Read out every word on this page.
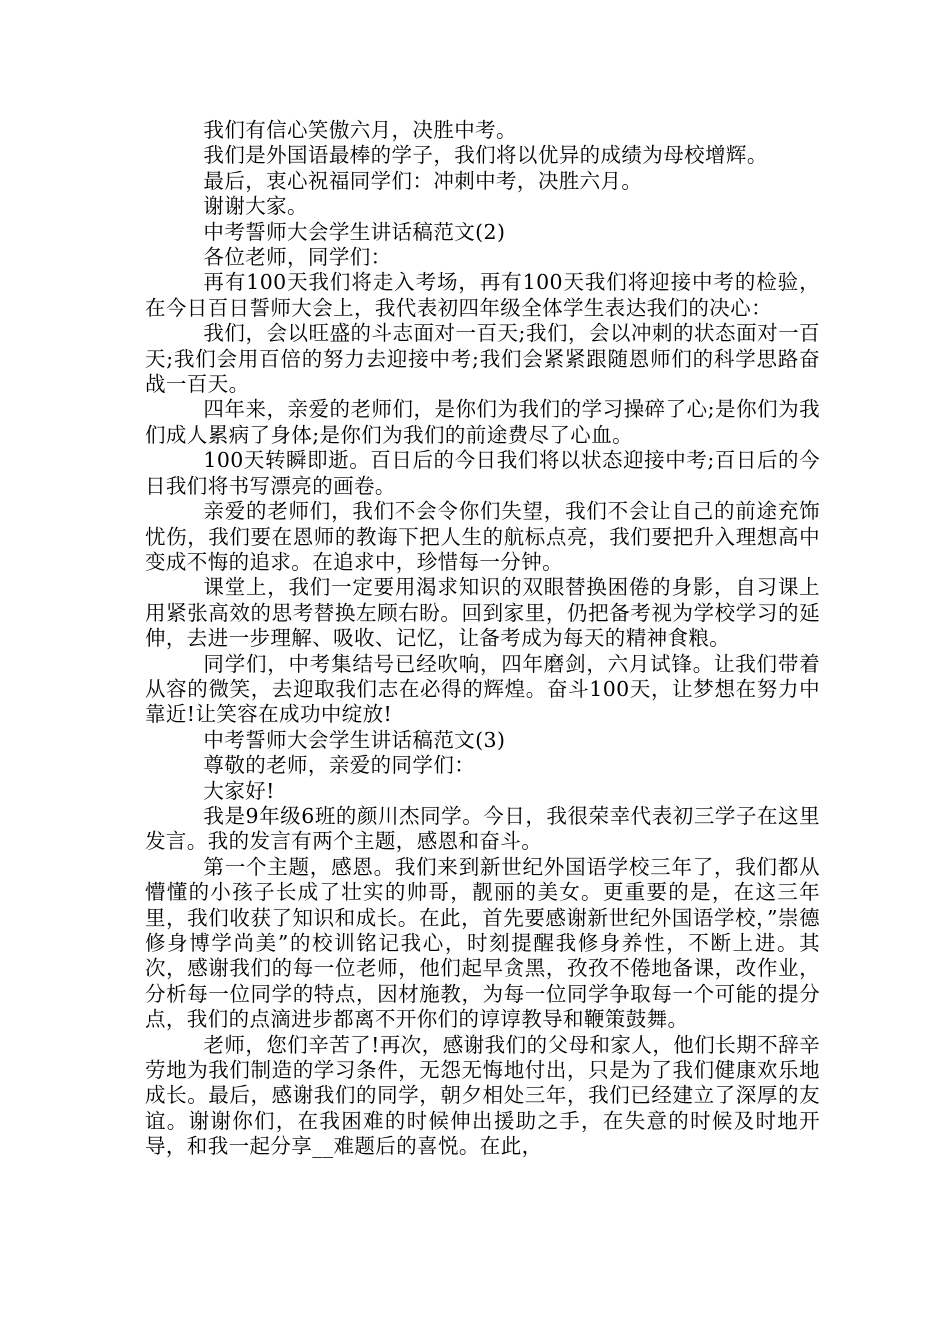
我们有信心笑傲六月，决胜中考。

我们是外国语最棒的学子，我们将以优异的成绩为母校增辉。

最后，衷心祝福同学们：冲刺中考，决胜六月。

谢谢大家。

中考誓师大会学生讲话稿范文(2)

各位老师，同学们：

再有100天我们将走入考场，再有100天我们将迎接中考的检验，在今日百日誓师大会上，我代表初四年级全体学生表达我们的决心：

我们，会以旺盛的斗志面对一百天;我们，会以冲刺的状态面对一百天;我们会用百倍的努力去迎接中考;我们会紧紧跟随恩师们的科学思路奋战一百天。

四年来，亲爱的老师们，是你们为我们的学习操碎了心;是你们为我们成人累病了身体;是你们为我们的前途费尽了心血。

100天转瞬即逝。百日后的今日我们将以状态迎接中考;百日后的今日我们将书写漂亮的画卷。

亲爱的老师们，我们不会令你们失望，我们不会让自己的前途充饰忧伤，我们要在恩师的教诲下把人生的航标点亮，我们要把升入理想高中变成不悔的追求。在追求中，珍惜每一分钟。

课堂上，我们一定要用渴求知识的双眼替换困倦的身影，自习课上用紧张高效的思考替换左顾右盼。回到家里，仍把备考视为学校学习的延伸，去进一步理解、吸收、记忆，让备考成为每天的精神食粮。

同学们，中考集结号已经吹响，四年磨剑，六月试锋。让我们带着从容的微笑，去迎取我们志在必得的辉煌。奋斗100天，让梦想在努力中靠近!让笑容在成功中绽放!

中考誓师大会学生讲话稿范文(3)

尊敬的老师，亲爱的同学们：

大家好!

我是9年级6班的颜川杰同学。今日，我很荣幸代表初三学子在这里发言。我的发言有两个主题，感恩和奋斗。

第一个主题，感恩。我们来到新世纪外国语学校三年了，我们都从懵懂的小孩子长成了壮实的帅哥，靓丽的美女。更重要的是，在这三年里，我们收获了知识和成长。在此，首先要感谢新世纪外国语学校，”崇德修身博学尚美”的校训铭记我心，时刻提醒我修身养性，不断上进。其次，感谢我们的每一位老师，他们起早贪黑，孜孜不倦地备课，改作业，分析每一位同学的特点，因材施教，为每一位同学争取每一个可能的提分点，我们的点滴进步都离不开你们的谆谆教导和鞭策鼓舞。

老师，您们辛苦了!再次，感谢我们的父母和家人，他们长期不辞辛劳地为我们制造的学习条件，无怨无悔地付出，只是为了我们健康欢乐地成长。最后，感谢我们的同学，朝夕相处三年，我们已经建立了深厚的友谊。谢谢你们，在我困难的时候伸出援助之手，在失意的时候及时地开导，和我一起分享__难题后的喜悦。在此，
